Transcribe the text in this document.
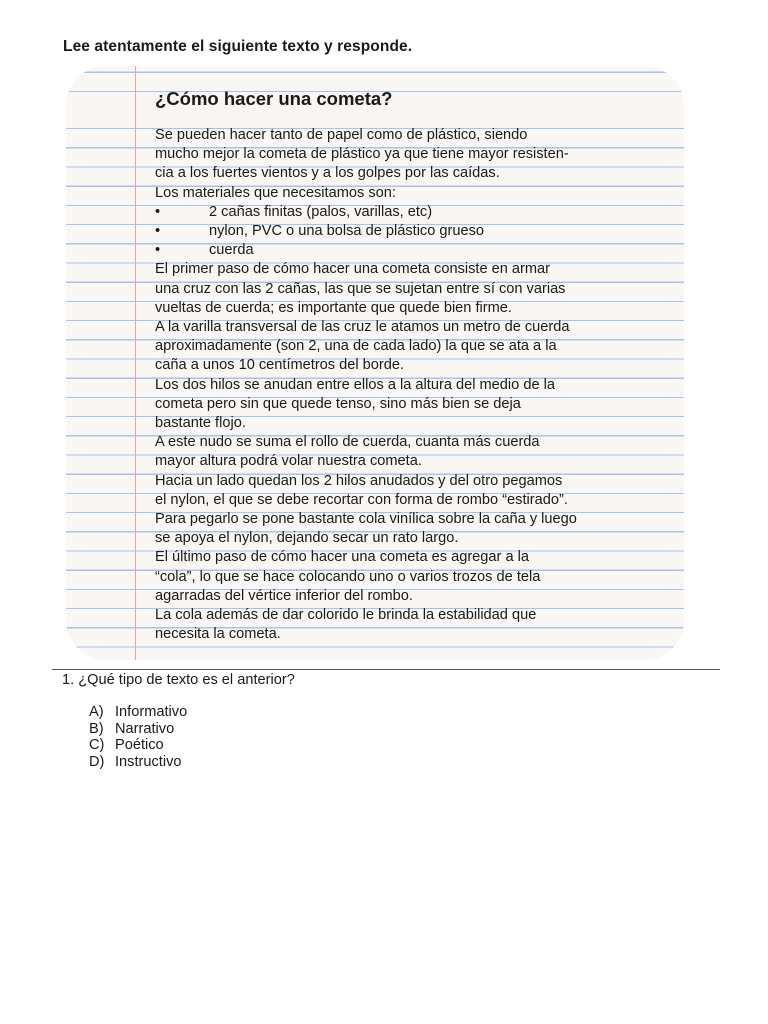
Lee atentamente el siguiente texto y responde.

¿Cómo hacer una cometa?

Se pueden hacer tanto de papel como de plástico, siendo

mucho mejor la cometa de plástico ya que tiene mayor resisten-

cia a los fuertes vientos y a los golpes por las caídas.

Los materiales que necesitamos son:

•	2 cañas finitas (palos, varillas, etc)
•	nylon, PVC o una bolsa de plástico grueso
•	cuerda

El primer paso de cómo hacer una cometa consiste en armar

una cruz con las 2 cañas, las que se sujetan entre sí con varias

vueltas de cuerda; es importante que quede bien firme.

A la varilla transversal de las cruz le atamos un metro de cuerda

aproximadamente (son 2, una de cada lado) la que se ata a la

caña a unos 10 centímetros del borde.

Los dos hilos se anudan entre ellos a la altura del medio de la

cometa pero sin que quede tenso, sino más bien se deja

bastante flojo.

A este nudo se suma el rollo de cuerda, cuanta más cuerda

mayor altura podrá volar nuestra cometa.

Hacia un lado quedan los 2 hilos anudados y del otro pegamos

el nylon, el que se debe recortar con forma de rombo “estirado”.

Para pegarlo se pone bastante cola vinílica sobre la caña y luego

se apoya el nylon, dejando secar un rato largo.

El último paso de cómo hacer una cometa es agregar a la

“cola”, lo que se hace colocando uno o varios trozos de tela

agarradas del vértice inferior del rombo.

La cola además de dar colorido le brinda la estabilidad que

necesita la cometa.

1. ¿Qué tipo de texto es el anterior?

A) Informativo
B) Narrativo
C) Poético
D) Instructivo
